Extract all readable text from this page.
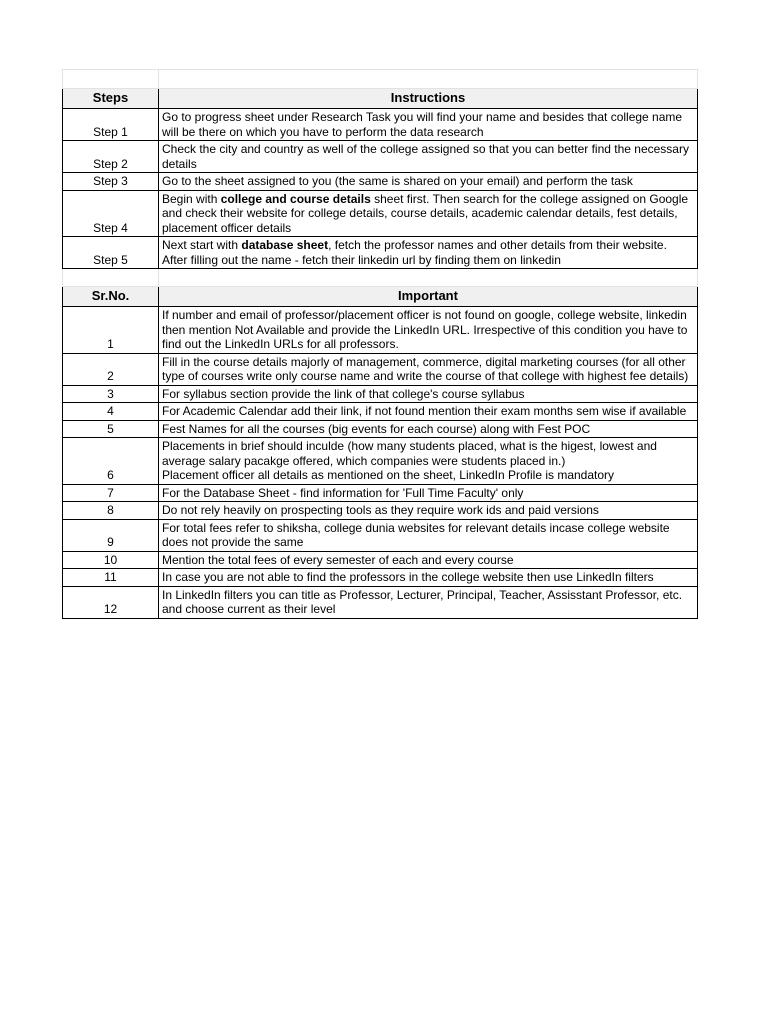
Steps	Instructions
Step 1	Go to progress sheet under Research Task you will find your name and besides that college name will be there on which you have to perform the data research
Step 2	Check the city and country as well of the college assigned so that you can better find the necessary details
Step 3	Go to the sheet assigned to you (the same is shared on your email) and perform the task
Step 4	Begin with college and course details sheet first. Then search for the college assigned on Google and check their website for college details, course details, academic calendar details, fest details, placement officer details
Step 5	Next start with database sheet, fetch the professor names and other details from their website. After filling out the name - fetch their linkedin url by finding them on linkedin

Sr.No.	Important
1	If number and email of professor/placement officer is not found on google, college website, linkedin then mention Not Available and provide the LinkedIn URL. Irrespective of this condition you have to find out the LinkedIn URLs for all professors.
2	Fill in the course details majorly of management, commerce, digital marketing courses (for all other type of courses write only course name and write the course of that college with highest fee details)
3	For syllabus section provide the link of that college's course syllabus
4	For Academic Calendar add their link, if not found mention their exam months sem wise if available
5	Fest Names for all the courses (big events for each course) along with Fest POC
6	Placements in brief should inculde (how many students placed, what is the higest, lowest and average salary pacakge offered, which companies were students placed in.)
Placement officer all details as mentioned on the sheet, LinkedIn Profile is mandatory
7	For the Database Sheet - find information for 'Full Time Faculty' only
8	Do not rely heavily on prospecting tools as they require work ids and paid versions
9	For total fees refer to shiksha, college dunia websites for relevant details incase college website does not provide the same
10	Mention the total fees of every semester of each and every course
11	In case you are not able to find the professors in the college website then use LinkedIn filters
12	In LinkedIn filters you can title as Professor, Lecturer, Principal, Teacher, Assisstant Professor, etc. and choose current as their level
